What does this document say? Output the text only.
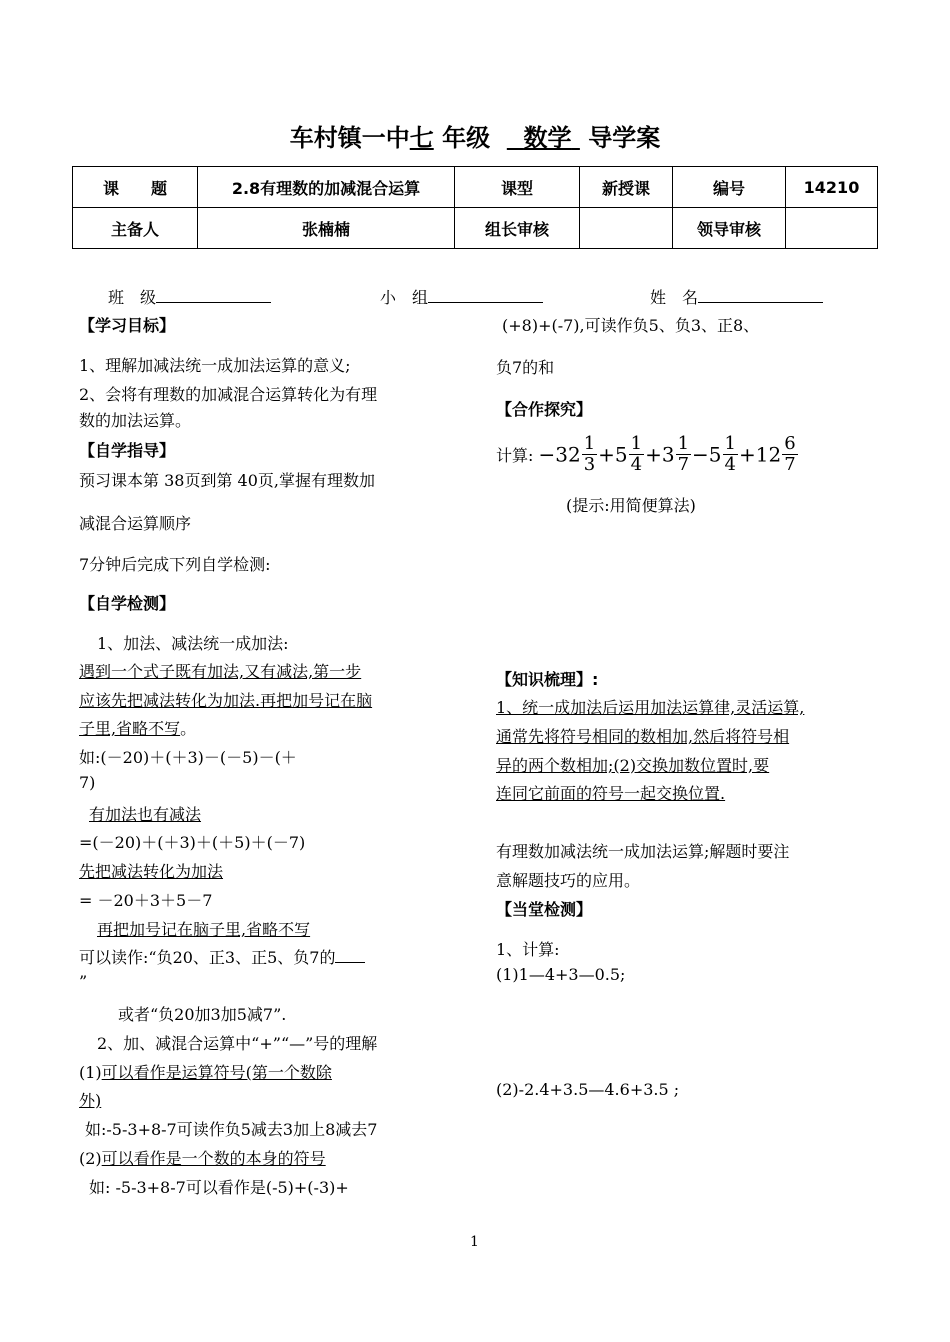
车村镇一中七 年级    数学  导学案
课　　题	2.8有理数的加减混合运算	课型	新授课	编号	14210
主备人	张楠楠	组长审核		领导审核	
班　级	小　组	姓　名
【学习目标】
1、理解加减法统一成加法运算的意义;
2、会将有理数的加减混合运算转化为有理
数的加法运算。
【自学指导】
预习课本第 38页到第 40页,掌握有理数加
减混合运算顺序
7分钟后完成下列自学检测:
【自学检测】
1、加法、减法统一成加法:
遇到一个式子既有加法,又有减法,第一步
应该先把减法转化为加法.再把加号记在脑
子里,省略不写。
如:(－20)＋(＋3)－(－5)－(＋
7)
有加法也有减法
=(－20)＋(＋3)＋(＋5)＋(－7)
先把减法转化为加法
= －20＋3＋5－7
再把加号记在脑子里,省略不写
可以读作:“负20、正3、正5、负7的
”
或者“负20加3加5减7”.
2、加、减混合运算中“+”“—”号的理解
(1)可以看作是运算符号(第一个数除
外)
如:-5-3+8-7可读作负5减去3加上8减去7
(2)可以看作是一个数的本身的符号
如: -5-3+8-7可以看作是(-5)+(-3)+
(+8)+(-7),可读作负5、负3、正8、
负7的和
【合作探究】
计算: $-32 \frac{1}{3} +5 \frac{1}{4} +3 \frac{1}{7} -5 \frac{1}{4} +12 \frac{6}{7}$
(提示:用简便算法)
【知识梳理】:
1、统一成加法后运用加法运算律,灵活运算,
通常先将符号相同的数相加,然后将符号相
异的两个数相加;(2)交换加数位置时,要
连同它前面的符号一起交换位置.
有理数加减法统一成加法运算;解题时要注
意解题技巧的应用。
【当堂检测】
1、计算:
(1)1—4+3—0.5;
(2)-2.4+3.5—4.6+3.5 ;
1
